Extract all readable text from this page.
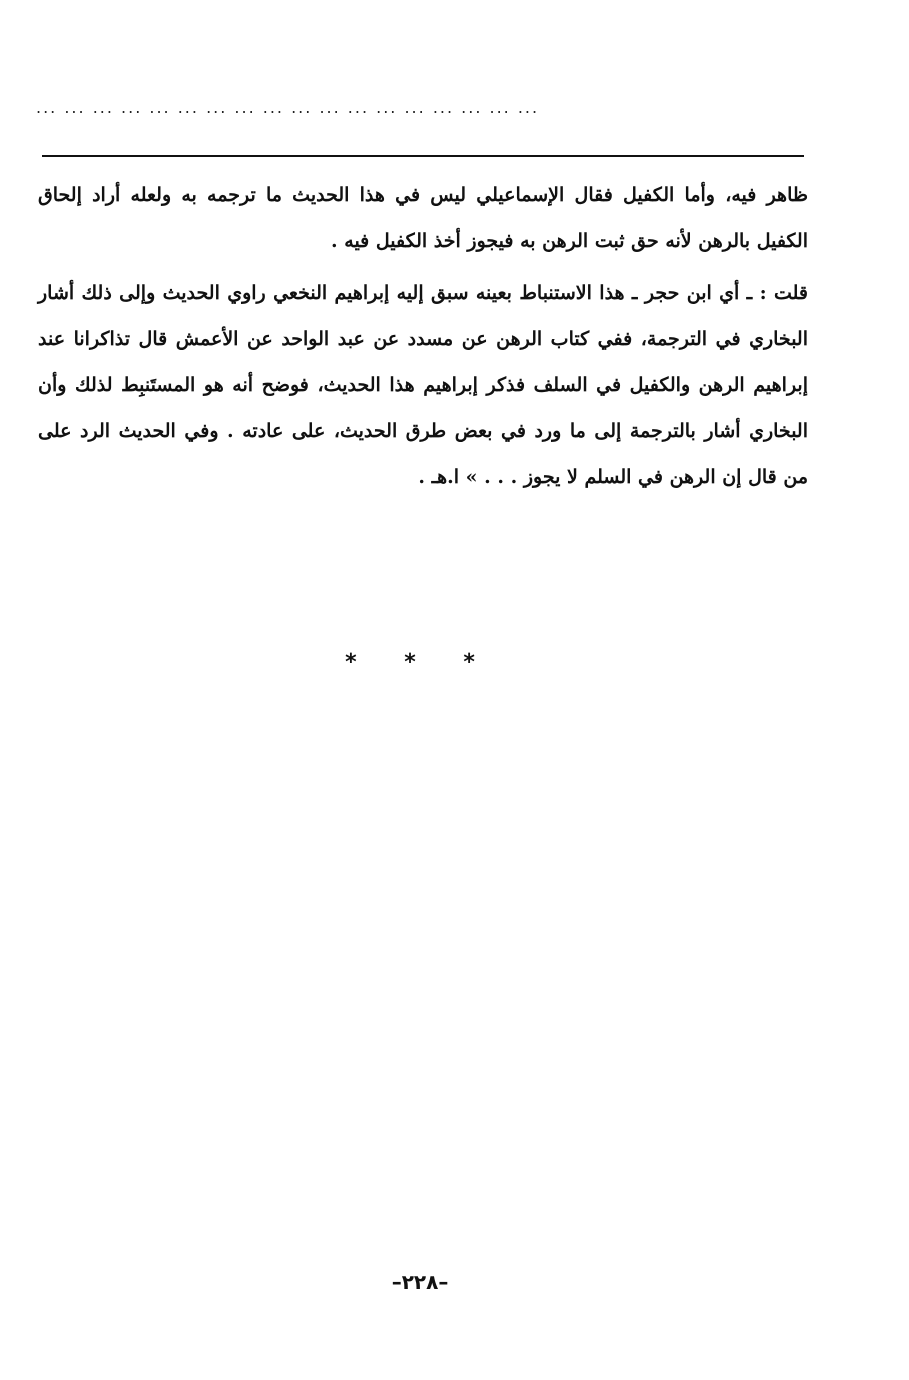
... ... ... ... ... ... ... ... ... ... ... ... ... ... ... ... ... ...

ظاهر فيه، وأما الكفيل فقال الإسماعيلي ليس في هذا الحديث ما ترجمه به ولعله أراد إلحاق الكفيل بالرهن لأنه حق ثبت الرهن به فيجوز أخذ الكفيل فيه .

قلت : ـ أي ابن حجر ـ هذا الاستنباط بعينه سبق إليه إبراهيم النخعي راوي الحديث وإلى ذلك أشار البخاري في الترجمة، ففي كتاب الرهن عن مسدد عن عبد الواحد عن الأعمش قال تذاكرانا عند إبراهيم الرهن والكفيل في السلف فذكر إبراهيم هذا الحديث، فوضح أنه هو المستَنبِط لذلك وأن البخاري أشار بالترجمة إلى ما ورد في بعض طرق الحديث، على عادته . وفي الحديث الرد على من قال إن الرهن في السلم لا يجوز . . . » ا.هـ .

* * *
–٢٢٨–
